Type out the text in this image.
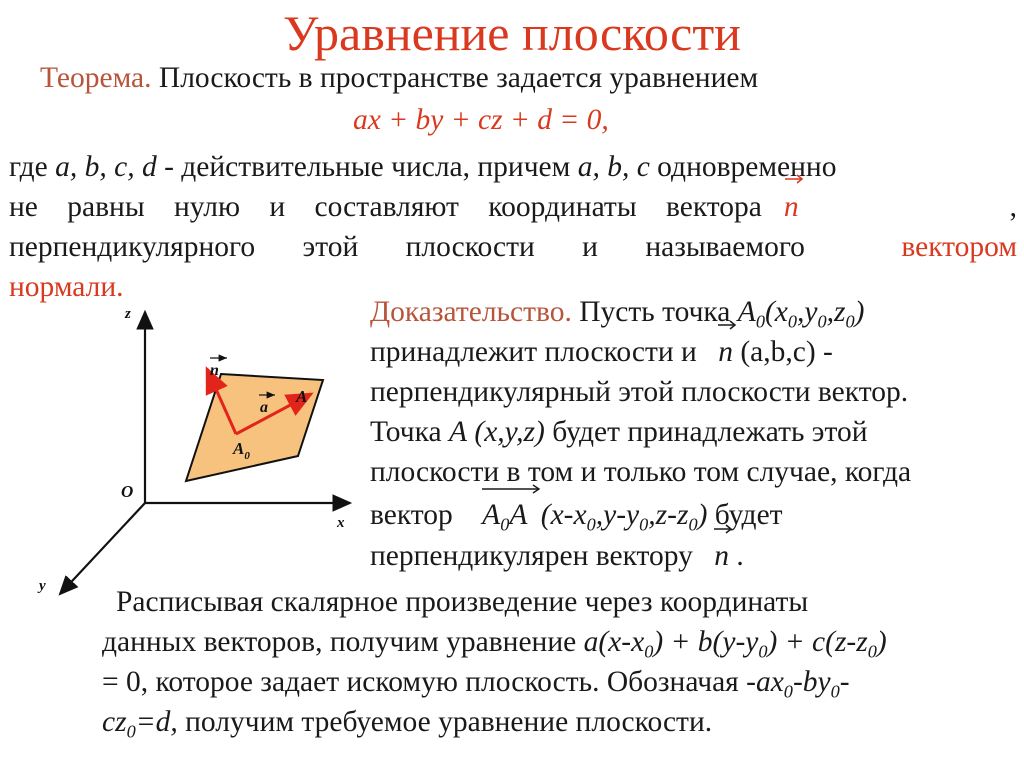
Уравнение плоскости
Теорема. Плоскость в пространстве задается уравнением
ax + by + cz + d = 0,
где a, b, c, d - действительные числа, причем a, b, c одновременно
не равны нулю и составляют координаты вектора n	,
перпендикулярного этой плоскости и называемого	вектором
нормали.
Доказательство. Пусть точка $A_0(x_0,y_0,z_0)$
принадлежит плоскости и n (a,b,c) -
перпендикулярный этой плоскости вектор.
Точка A (x,y,z) будет принадлежать этой
плоскости в том и только том случае, когда
вектор
$A_0A$ $(x-x_0,y-y_0,z-z_0)$ будет
перпендикулярен вектору n .
Расписывая скалярное произведение через координаты
данных векторов, получим уравнение $a(x-x_0) + b(y-y_0) + c(z-z_0)$
= 0, которое задает искомую плоскость. Обозначая $-ax_0-by_0-$
$cz_0=d$, получим требуемое уравнение плоскости.
z
x
y
O
n
a
A
$A_0$
